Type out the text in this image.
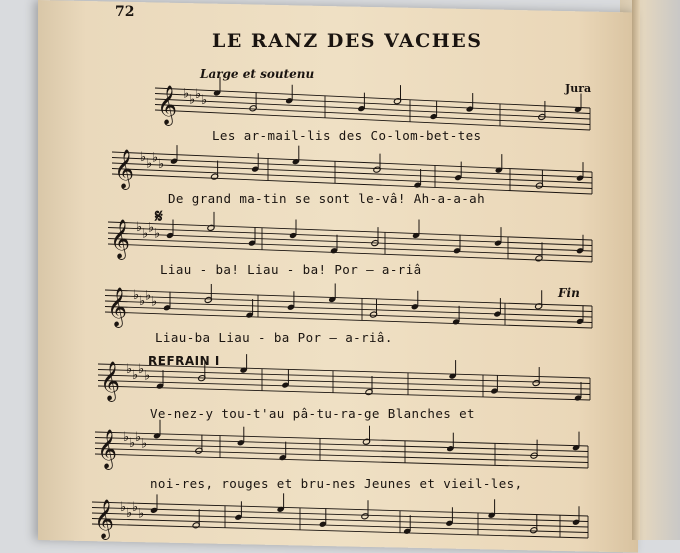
𝄞 ♭ ♭ ♭ ♭
𝄞 ♭ ♭ ♭ ♭
𝄞 ♭ ♭ ♭ ♭
𝄞 ♭ ♭ ♭ ♭
𝄞 ♭ ♭ ♭ ♭
𝄞 ♭ ♭ ♭ ♭
𝄞 ♭ ♭ ♭ ♭
72
LE RANZ DES VACHES
Large et soutenu
Jura
𝄋
Fin
REFRAIN I
Les ar-mail-lis des Co-lom-bet-tes
De grand ma-tin se sont le-vâ! Ah-a-a-ah
Liau - ba! Liau - ba! Por — a-riâ
Liau-ba Liau - ba Por — a-riâ.
Ve-nez-y tou-t'au pâ-tu-ra-ge Blanches et
noi-res, rouges et bru-nes Jeunes et vieil-les,
